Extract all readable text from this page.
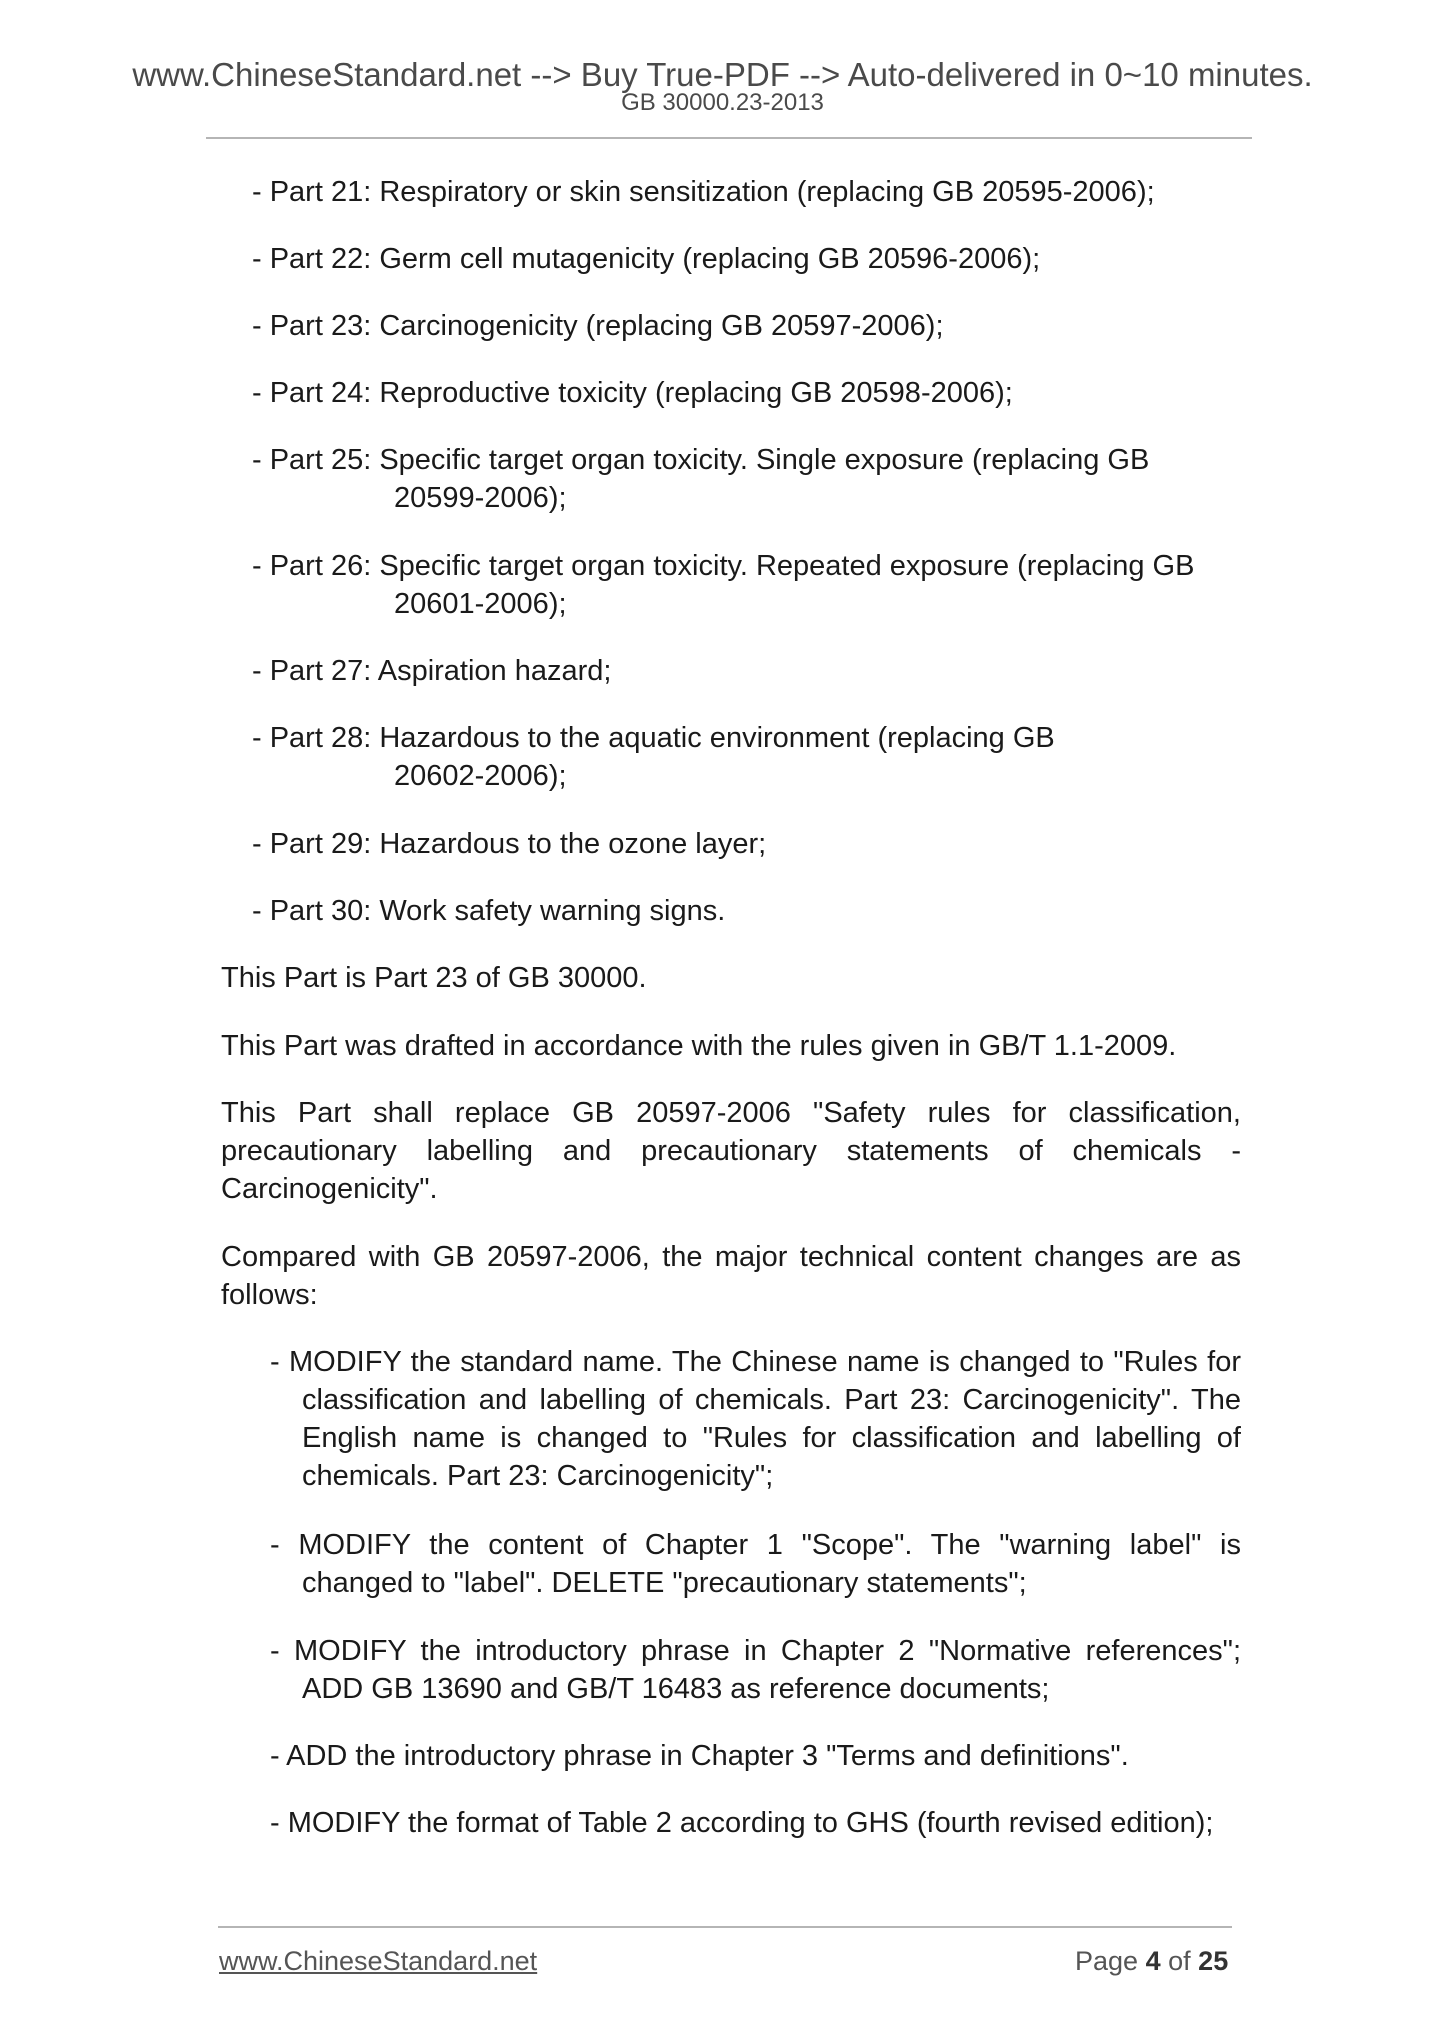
www.ChineseStandard.net --> Buy True-PDF --> Auto-delivered in 0~10 minutes.
GB 30000.23-2013
- Part 21: Respiratory or skin sensitization (replacing GB 20595-2006);
- Part 22: Germ cell mutagenicity (replacing GB 20596-2006);
- Part 23: Carcinogenicity (replacing GB 20597-2006);
- Part 24: Reproductive toxicity (replacing GB 20598-2006);
- Part 25: Specific target organ toxicity. Single exposure (replacing GB
20599-2006);
- Part 26: Specific target organ toxicity. Repeated exposure (replacing GB
20601-2006);
- Part 27: Aspiration hazard;
- Part 28: Hazardous to the aquatic environment (replacing GB
20602-2006);
- Part 29: Hazardous to the ozone layer;
- Part 30: Work safety warning signs.
This Part is Part 23 of GB 30000.
This Part was drafted in accordance with the rules given in GB/T 1.1-2009.
This Part shall replace GB 20597-2006 "Safety rules for classification, precautionary labelling and precautionary statements of chemicals - Carcinogenicity".
Compared with GB 20597-2006, the major technical content changes are as follows:
- MODIFY the standard name. The Chinese name is changed to "Rules for classification and labelling of chemicals. Part 23: Carcinogenicity". The English name is changed to "Rules for classification and labelling of chemicals. Part 23: Carcinogenicity";
- MODIFY the content of Chapter 1 "Scope". The "warning label" is changed to "label". DELETE "precautionary statements";
- MODIFY the introductory phrase in Chapter 2 "Normative references"; ADD GB 13690 and GB/T 16483 as reference documents;
- ADD the introductory phrase in Chapter 3 "Terms and definitions".
- MODIFY the format of Table 2 according to GHS (fourth revised edition);
www.ChineseStandard.net	Page 4 of 25
